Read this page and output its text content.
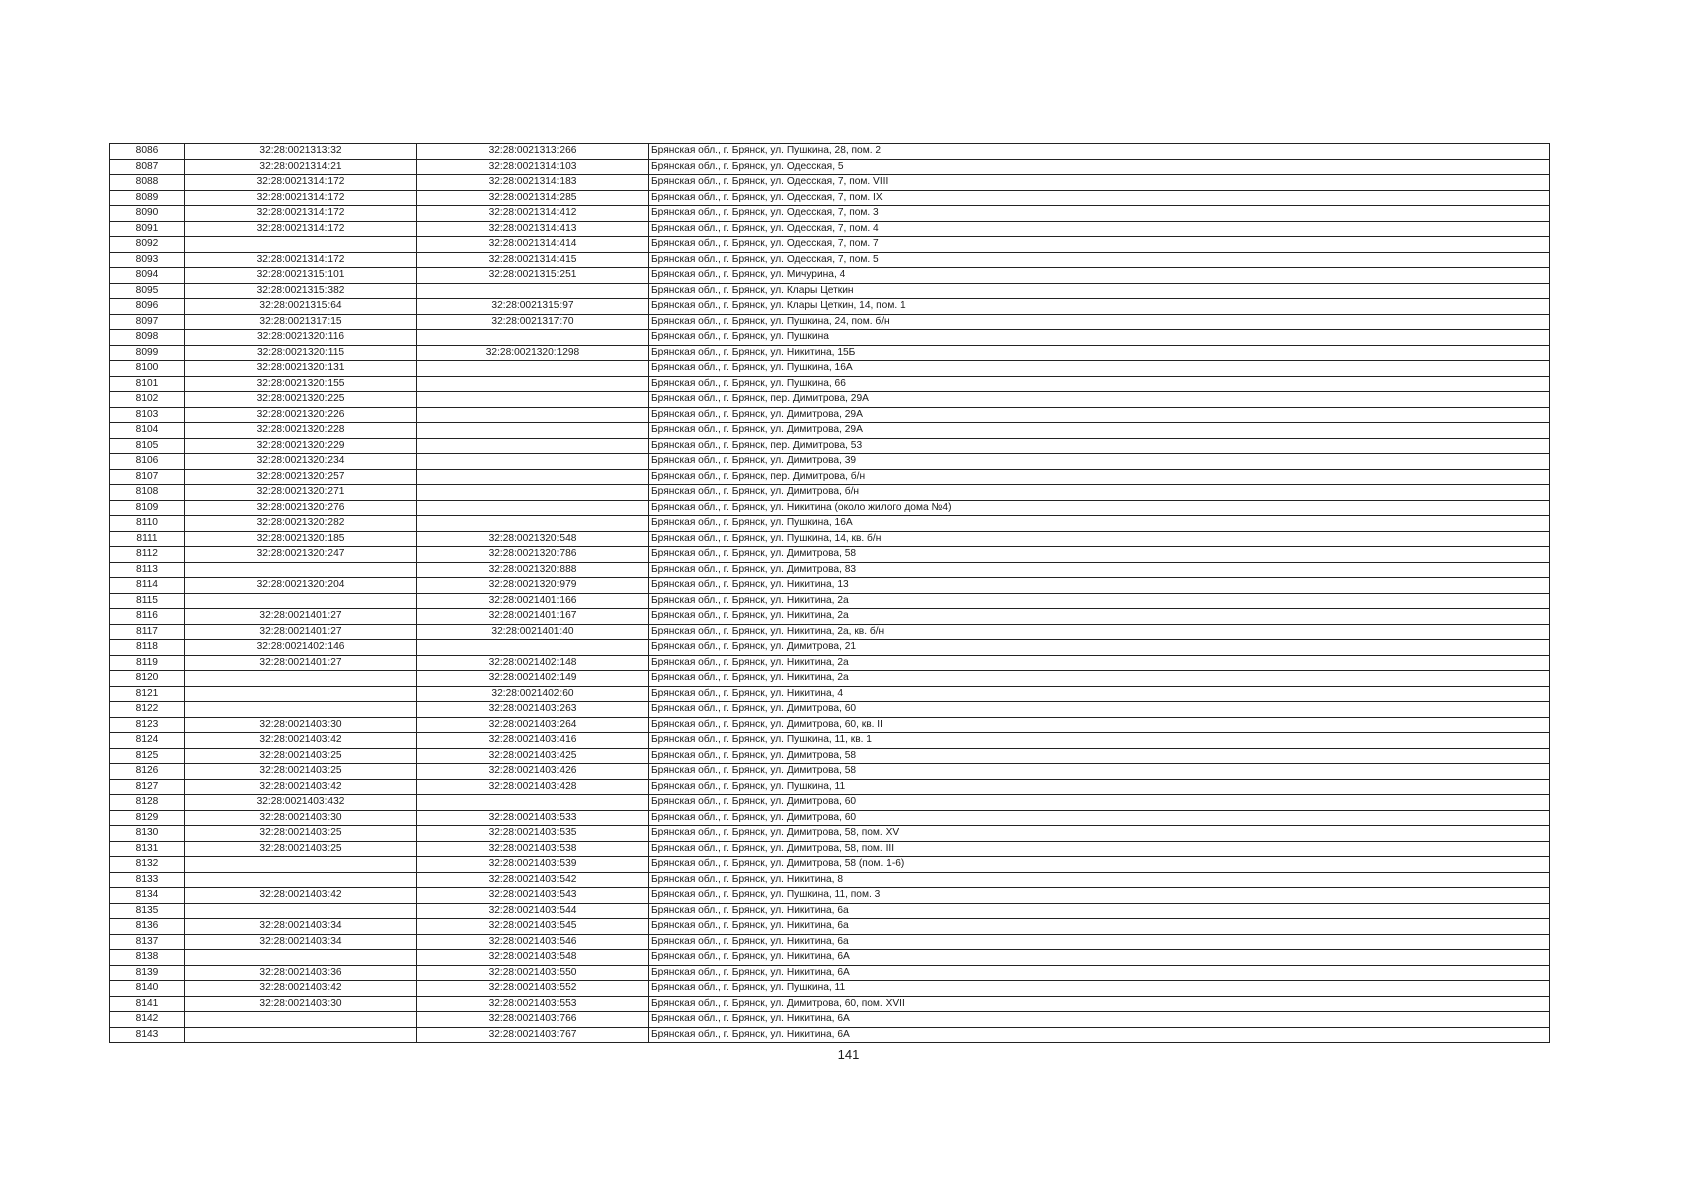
8086	32:28:0021313:32	32:28:0021313:266	Брянская обл., г. Брянск, ул. Пушкина, 28, пом. 2
8087	32:28:0021314:21	32:28:0021314:103	Брянская обл., г. Брянск, ул. Одесская, 5
8088	32:28:0021314:172	32:28:0021314:183	Брянская обл., г. Брянск, ул. Одесская, 7, пом. VIII
8089	32:28:0021314:172	32:28:0021314:285	Брянская обл., г. Брянск, ул. Одесская, 7, пом. IX
8090	32:28:0021314:172	32:28:0021314:412	Брянская обл., г. Брянск, ул. Одесская, 7, пом. 3
8091	32:28:0021314:172	32:28:0021314:413	Брянская обл., г. Брянск, ул. Одесская, 7, пом. 4
8092		32:28:0021314:414	Брянская обл., г. Брянск, ул. Одесская, 7, пом. 7
8093	32:28:0021314:172	32:28:0021314:415	Брянская обл., г. Брянск, ул. Одесская, 7, пом. 5
8094	32:28:0021315:101	32:28:0021315:251	Брянская обл., г. Брянск, ул. Мичурина, 4
8095	32:28:0021315:382		Брянская обл., г. Брянск, ул. Клары Цеткин
8096	32:28:0021315:64	32:28:0021315:97	Брянская обл., г. Брянск, ул. Клары Цеткин, 14, пом. 1
8097	32:28:0021317:15	32:28:0021317:70	Брянская обл., г. Брянск, ул. Пушкина, 24, пом. б/н
8098	32:28:0021320:116		Брянская обл., г. Брянск, ул. Пушкина
8099	32:28:0021320:115	32:28:0021320:1298	Брянская обл., г. Брянск, ул. Никитина, 15Б
8100	32:28:0021320:131		Брянская обл., г. Брянск, ул. Пушкина, 16А
8101	32:28:0021320:155		Брянская обл., г. Брянск, ул. Пушкина, 66
8102	32:28:0021320:225		Брянская обл., г. Брянск, пер. Димитрова, 29А
8103	32:28:0021320:226		Брянская обл., г. Брянск, ул. Димитрова, 29А
8104	32:28:0021320:228		Брянская обл., г. Брянск, ул. Димитрова, 29А
8105	32:28:0021320:229		Брянская обл., г. Брянск, пер. Димитрова, 53
8106	32:28:0021320:234		Брянская обл., г. Брянск, ул. Димитрова, 39
8107	32:28:0021320:257		Брянская обл., г. Брянск, пер. Димитрова, б/н
8108	32:28:0021320:271		Брянская обл., г. Брянск, ул. Димитрова, б/н
8109	32:28:0021320:276		Брянская обл., г. Брянск, ул. Никитина (около жилого дома №4)
8110	32:28:0021320:282		Брянская обл., г. Брянск, ул. Пушкина, 16А
8111	32:28:0021320:185	32:28:0021320:548	Брянская обл., г. Брянск, ул. Пушкина, 14, кв. б/н
8112	32:28:0021320:247	32:28:0021320:786	Брянская обл., г. Брянск, ул. Димитрова, 58
8113		32:28:0021320:888	Брянская обл., г. Брянск, ул. Димитрова, 83
8114	32:28:0021320:204	32:28:0021320:979	Брянская обл., г. Брянск, ул. Никитина, 13
8115		32:28:0021401:166	Брянская обл., г. Брянск, ул. Никитина, 2а
8116	32:28:0021401:27	32:28:0021401:167	Брянская обл., г. Брянск, ул. Никитина, 2а
8117	32:28:0021401:27	32:28:0021401:40	Брянская обл., г. Брянск, ул. Никитина, 2а, кв. б/н
8118	32:28:0021402:146		Брянская обл., г. Брянск, ул. Димитрова, 21
8119	32:28:0021401:27	32:28:0021402:148	Брянская обл., г. Брянск, ул. Никитина, 2а
8120		32:28:0021402:149	Брянская обл., г. Брянск, ул. Никитина, 2а
8121		32:28:0021402:60	Брянская обл., г. Брянск, ул. Никитина, 4
8122		32:28:0021403:263	Брянская обл., г. Брянск, ул. Димитрова, 60
8123	32:28:0021403:30	32:28:0021403:264	Брянская обл., г. Брянск, ул. Димитрова, 60, кв. II
8124	32:28:0021403:42	32:28:0021403:416	Брянская обл., г. Брянск, ул. Пушкина, 11, кв. 1
8125	32:28:0021403:25	32:28:0021403:425	Брянская обл., г. Брянск, ул. Димитрова, 58
8126	32:28:0021403:25	32:28:0021403:426	Брянская обл., г. Брянск, ул. Димитрова, 58
8127	32:28:0021403:42	32:28:0021403:428	Брянская обл., г. Брянск, ул. Пушкина, 11
8128	32:28:0021403:432		Брянская обл., г. Брянск, ул. Димитрова, 60
8129	32:28:0021403:30	32:28:0021403:533	Брянская обл., г. Брянск, ул. Димитрова, 60
8130	32:28:0021403:25	32:28:0021403:535	Брянская обл., г. Брянск, ул. Димитрова, 58, пом. XV
8131	32:28:0021403:25	32:28:0021403:538	Брянская обл., г. Брянск, ул. Димитрова, 58, пом. III
8132		32:28:0021403:539	Брянская обл., г. Брянск, ул. Димитрова, 58 (пом. 1-6)
8133		32:28:0021403:542	Брянская обл., г. Брянск, ул. Никитина, 8
8134	32:28:0021403:42	32:28:0021403:543	Брянская обл., г. Брянск, ул. Пушкина, 11, пом. 3
8135		32:28:0021403:544	Брянская обл., г. Брянск, ул. Никитина, 6а
8136	32:28:0021403:34	32:28:0021403:545	Брянская обл., г. Брянск, ул. Никитина, 6а
8137	32:28:0021403:34	32:28:0021403:546	Брянская обл., г. Брянск, ул. Никитина, 6а
8138		32:28:0021403:548	Брянская обл., г. Брянск, ул. Никитина, 6А
8139	32:28:0021403:36	32:28:0021403:550	Брянская обл., г. Брянск, ул. Никитина, 6А
8140	32:28:0021403:42	32:28:0021403:552	Брянская обл., г. Брянск, ул. Пушкина, 11
8141	32:28:0021403:30	32:28:0021403:553	Брянская обл., г. Брянск, ул. Димитрова, 60, пом. XVII
8142		32:28:0021403:766	Брянская обл., г. Брянск, ул. Никитина, 6А
8143		32:28:0021403:767	Брянская обл., г. Брянск, ул. Никитина, 6А
141
